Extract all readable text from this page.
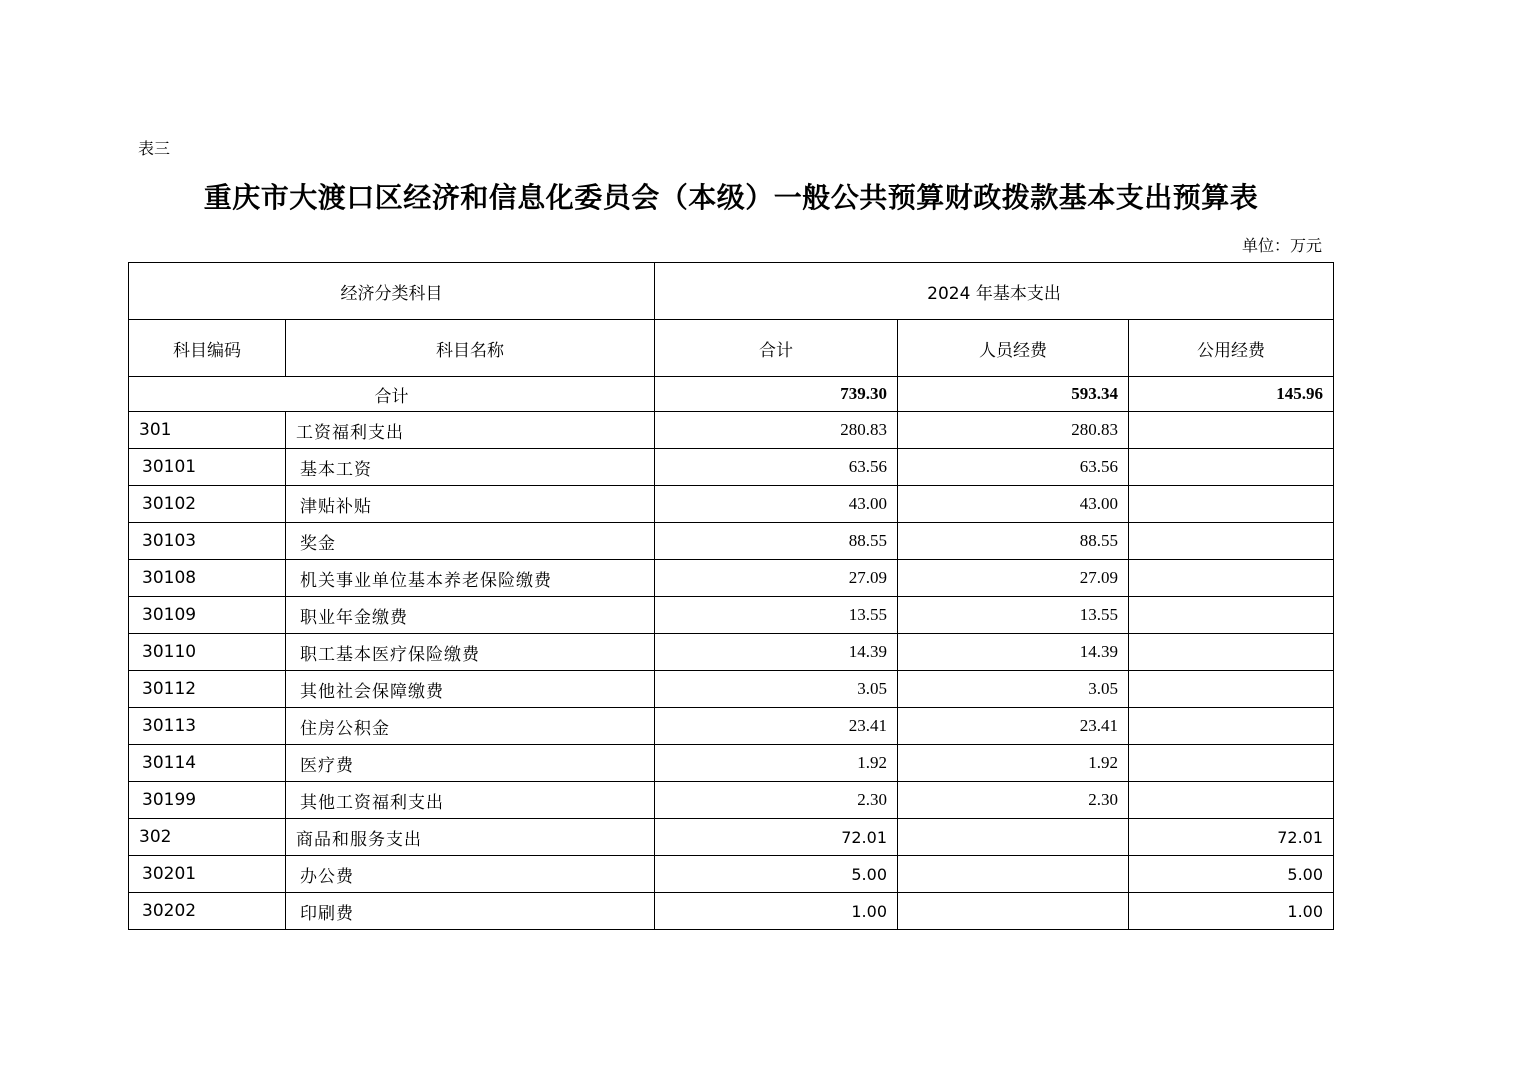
表三
重庆市大渡口区经济和信息化委员会（本级）一般公共预算财政拨款基本支出预算表
单位：万元
经济分类科目		2024 年基本支出		
科目编码	科目名称	合计	人员经费	公用经费
合计		739.30	593.34	145.96
301	工资福利支出	280.83	280.83	
30101	基本工资	63.56	63.56	
30102	津贴补贴	43.00	43.00	
30103	奖金	88.55	88.55	
30108	机关事业单位基本养老保险缴费	27.09	27.09	
30109	职业年金缴费	13.55	13.55	
30110	职工基本医疗保险缴费	14.39	14.39	
30112	其他社会保障缴费	3.05	3.05	
30113	住房公积金	23.41	23.41	
30114	医疗费	1.92	1.92	
30199	其他工资福利支出	2.30	2.30	
302	商品和服务支出	72.01		72.01
30201	办公费	5.00		5.00
30202	印刷费	1.00		1.00
